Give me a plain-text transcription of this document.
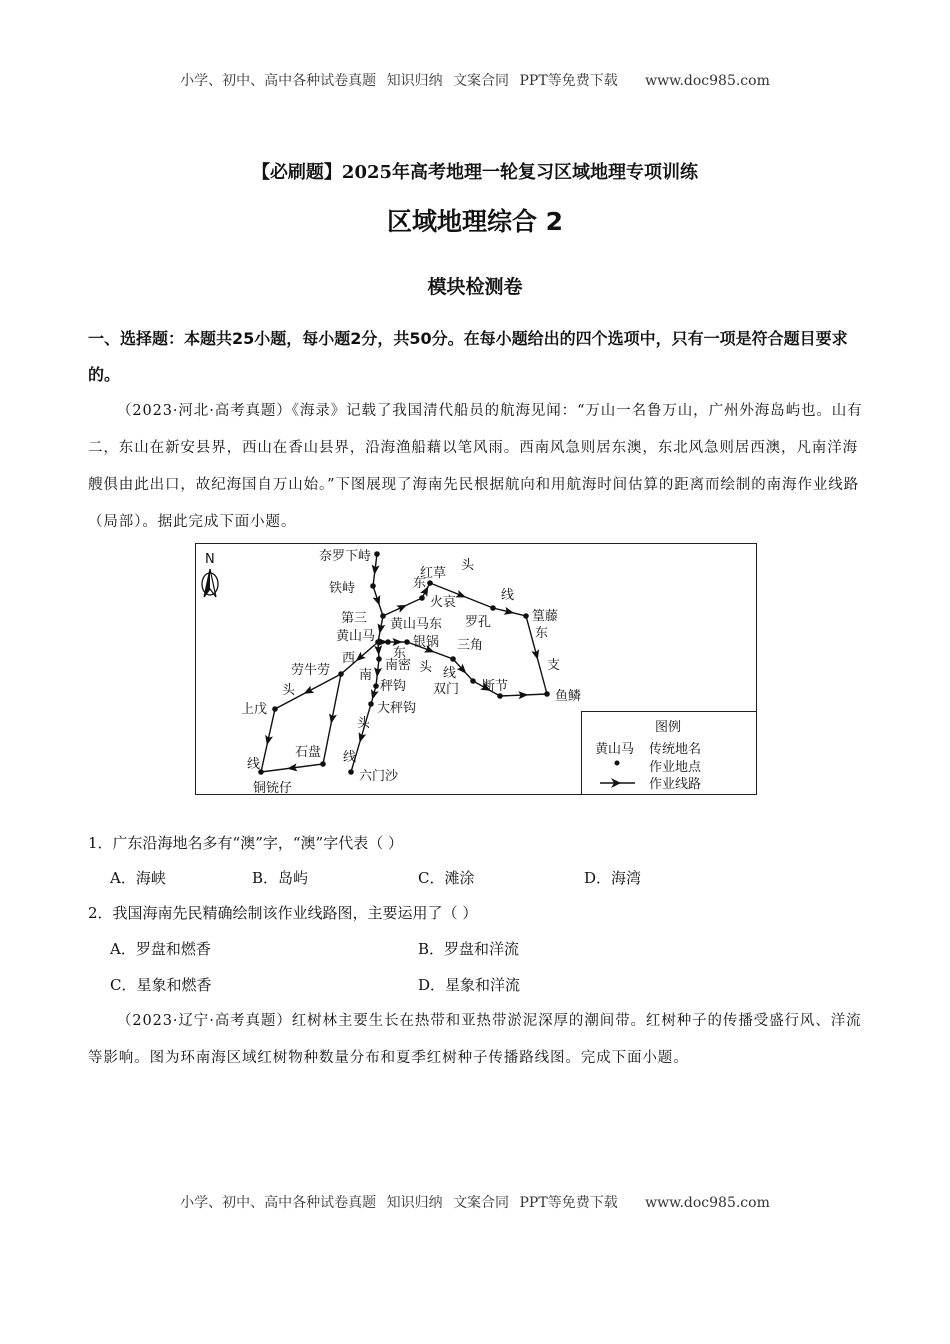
小学、初中、高中各种试卷真题 知识归纳 文案合同 PPT等免费下载 www.doc985.com
【必刷题】2025年高考地理一轮复习区域地理专项训练
区域地理综合 2
模块检测卷
一、选择题：本题共25小题，每小题2分，共50分。在每小题给出的四个选项中，只有一项是符合题目要求的。
（2023·河北·高考真题）《海录》记载了我国清代船员的航海见闻：“万山一名鲁万山，广州外海岛屿也。山有二，东山在新安县界，西山在香山县界，沿海渔船藉以笔风雨。西南风急则居东澳，东北风急则居西澳，凡南洋海艘俱由此出口，故纪海国自万山始。”下图展现了海南先民根据航向和用航海时间估算的距离而绘制的南海作业线路（局部）。据此完成下面小题。
N	奈罗下峙
铁峙
第三
火哀
红草
罗孔	篁藤
鱼鳞
断节
双门
三角
银锅
黄山马东
黄山马
南密
秤钩
大秤钩
六门沙
劳牛劳
上戊
铜铳仔
石盘
东
头
线
东
支
东
头 线
西
头
线
南
头
线
图例
黄山马 传统地名
作业地点
作业线路
1．广东沿海地名多有“澳”字，“澳”字代表（ ）
A．海峡	B．岛屿	C．滩涂	D．海湾
2．我国海南先民精确绘制该作业线路图，主要运用了（ ）
A．罗盘和燃香	B．罗盘和洋流
C．星象和燃香	D．星象和洋流
（2023·辽宁·高考真题）红树林主要生长在热带和亚热带淤泥深厚的潮间带。红树种子的传播受盛行风、洋流等影响。图为环南海区域红树物种数量分布和夏季红树种子传播路线图。完成下面小题。
小学、初中、高中各种试卷真题 知识归纳 文案合同 PPT等免费下载 www.doc985.com
